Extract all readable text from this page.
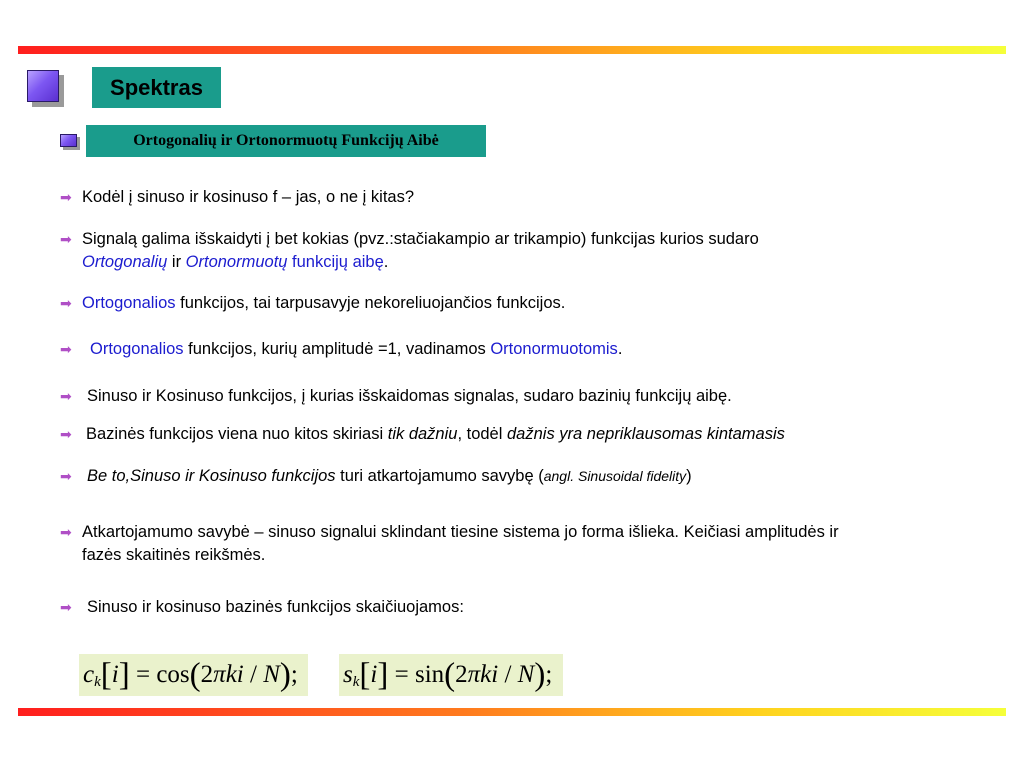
Spektras
Ortogonalių ir Ortonormuotų Funkcijų Aibė
➡ Kodėl į sinuso ir kosinuso f – jas, o ne į kitas?
➡ Signalą galima išskaidyti į bet kokias (pvz.:stačiakampio ar trikampio) funkcijas kurios sudaro
Ortogonalių ir Ortonormuotų funkcijų aibę.
➡ Ortogonalios funkcijos, tai tarpusavyje nekoreliuojančios funkcijos.
➡ Ortogonalios funkcijos, kurių amplitudė =1, vadinamos Ortonormuotomis.
➡ Sinuso ir Kosinuso funkcijos, į kurias išskaidomas signalas, sudaro bazinių funkcijų aibę.
➡ Bazinės funkcijos viena nuo kitos skiriasi tik dažniu, todėl dažnis yra nepriklausomas kintamasis
➡ Be to,Sinuso ir Kosinuso funkcijos turi atkartojamumo savybę (angl. Sinusoidal fidelity)
➡ Atkartojamumo savybė – sinuso signalui sklindant tiesine sistema jo forma išlieka. Keičiasi amplitudės ir
fazės skaitinės reikšmės.
➡ Sinuso ir kosinuso bazinės funkcijos skaičiuojamos:
$c_k[i] = \cos(2\pi ki / N)$;	$s_k[i] = \sin(2\pi ki / N)$;
